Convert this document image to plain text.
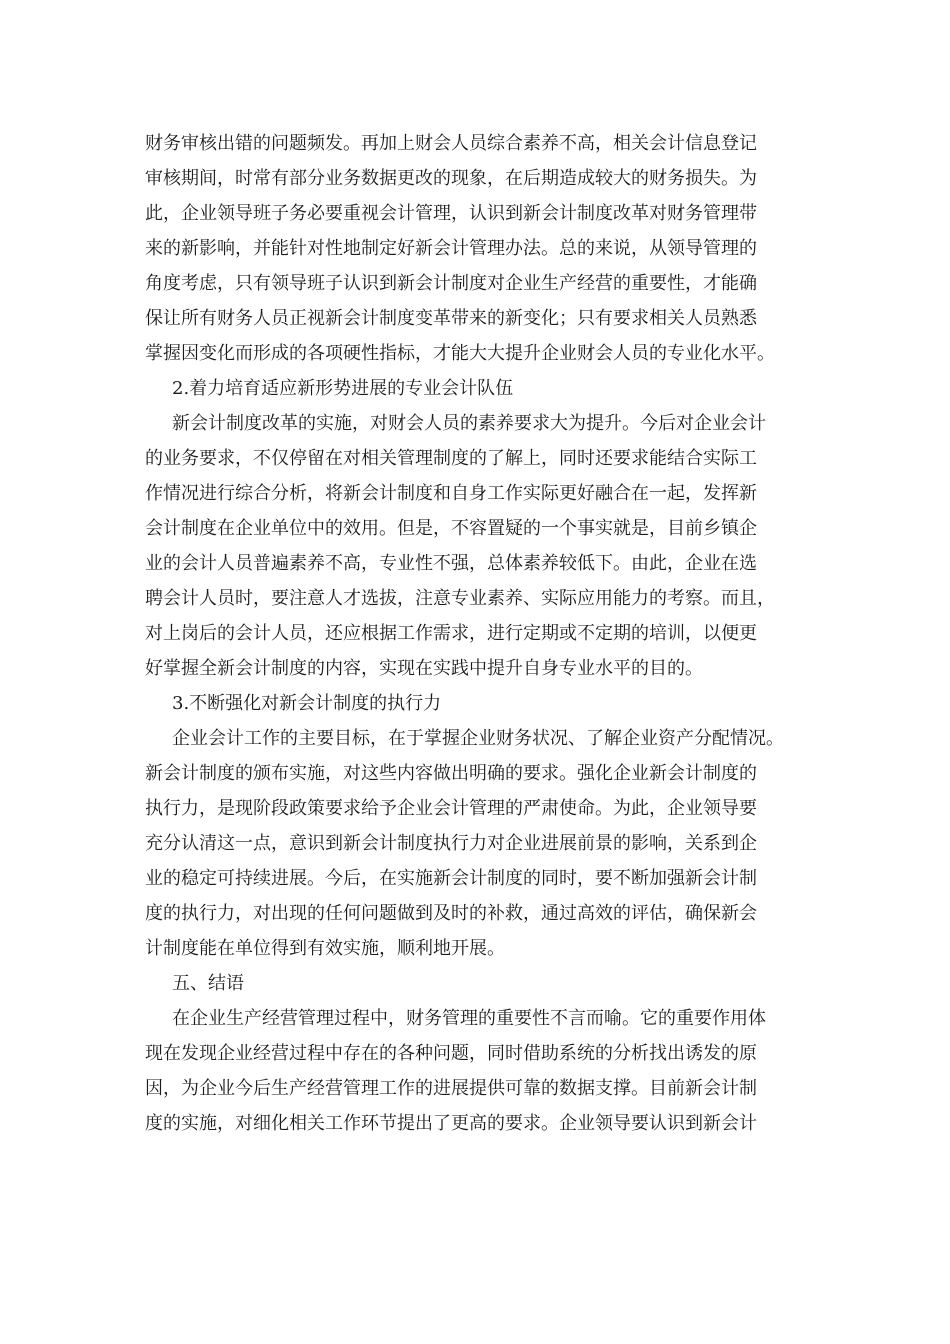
财务审核出错的问题频发。再加上财会人员综合素养不高，相关会计信息登记
审核期间，时常有部分业务数据更改的现象，在后期造成较大的财务损失。为
此，企业领导班子务必要重视会计管理，认识到新会计制度改革对财务管理带
来的新影响，并能针对性地制定好新会计管理办法。总的来说，从领导管理的
角度考虑，只有领导班子认识到新会计制度对企业生产经营的重要性，才能确
保让所有财务人员正视新会计制度变革带来的新变化；只有要求相关人员熟悉
掌握因变化而形成的各项硬性指标，才能大大提升企业财会人员的专业化水平。
2.着力培育适应新形势进展的专业会计队伍
新会计制度改革的实施，对财会人员的素养要求大为提升。今后对企业会计
的业务要求，不仅停留在对相关管理制度的了解上，同时还要求能结合实际工
作情况进行综合分析，将新会计制度和自身工作实际更好融合在一起，发挥新
会计制度在企业单位中的效用。但是，不容置疑的一个事实就是，目前乡镇企
业的会计人员普遍素养不高，专业性不强，总体素养较低下。由此，企业在选
聘会计人员时，要注意人才选拔，注意专业素养、实际应用能力的考察。而且，
对上岗后的会计人员，还应根据工作需求，进行定期或不定期的培训，以便更
好掌握全新会计制度的内容，实现在实践中提升自身专业水平的目的。
3.不断强化对新会计制度的执行力
企业会计工作的主要目标，在于掌握企业财务状况、了解企业资产分配情况。
新会计制度的颁布实施，对这些内容做出明确的要求。强化企业新会计制度的
执行力，是现阶段政策要求给予企业会计管理的严肃使命。为此，企业领导要
充分认清这一点，意识到新会计制度执行力对企业进展前景的影响，关系到企
业的稳定可持续进展。今后，在实施新会计制度的同时，要不断加强新会计制
度的执行力，对出现的任何问题做到及时的补救，通过高效的评估，确保新会
计制度能在单位得到有效实施，顺利地开展。
五、结语
在企业生产经营管理过程中，财务管理的重要性不言而喻。它的重要作用体
现在发现企业经营过程中存在的各种问题，同时借助系统的分析找出诱发的原
因，为企业今后生产经营管理工作的进展提供可靠的数据支撑。目前新会计制
度的实施，对细化相关工作环节提出了更高的要求。企业领导要认识到新会计
